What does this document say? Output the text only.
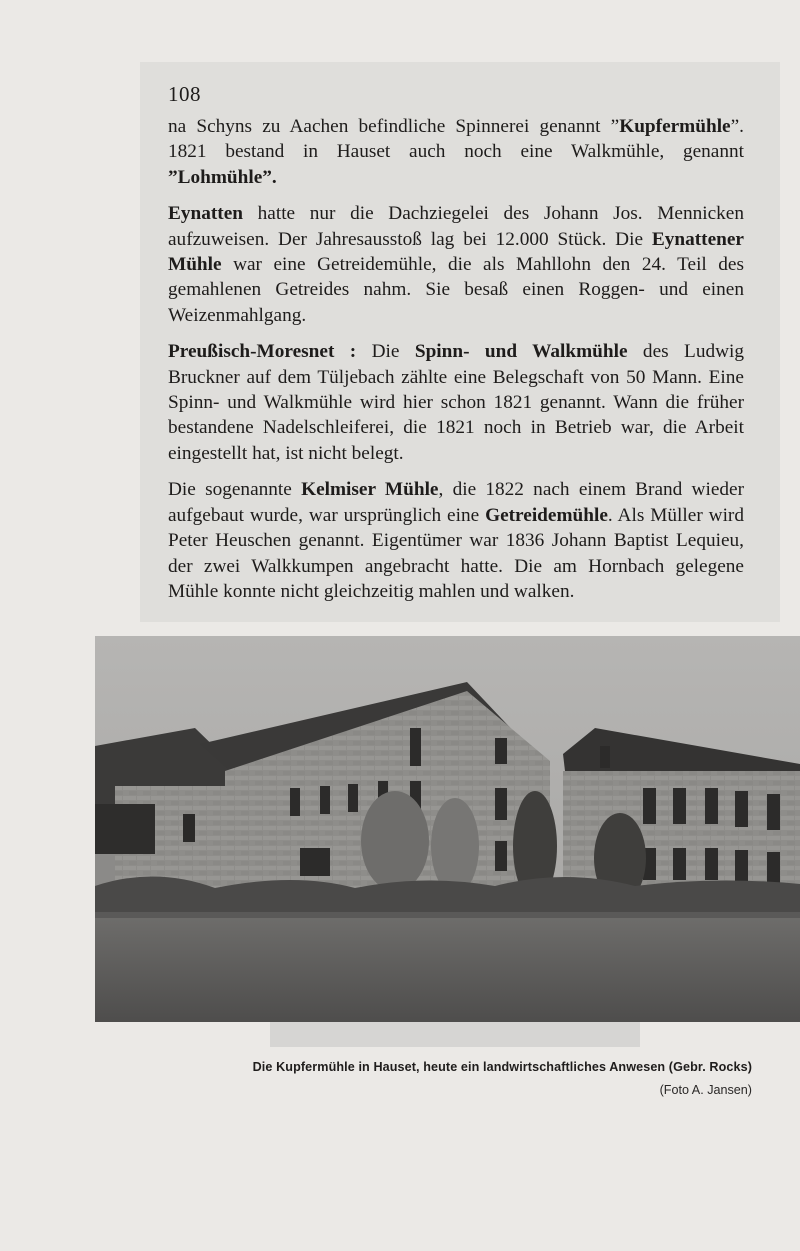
108

na Schyns zu Aachen befindliche Spinnerei genannt ”Kupfermühle”. 1821 bestand in Hauset auch noch eine Walkmühle, genannt ”Lohmühle”.

Eynatten hatte nur die Dachziegelei des Johann Jos. Mennicken aufzuweisen. Der Jahresausstoß lag bei 12.000 Stück. Die Eynattener Mühle war eine Getreidemühle, die als Mahllohn den 24. Teil des gemahlenen Getreides nahm. Sie besaß einen Roggen- und einen Weizenmahlgang.

Preußisch-Moresnet : Die Spinn- und Walkmühle des Ludwig Bruckner auf dem Tüljebach zählte eine Belegschaft von 50 Mann. Eine Spinn- und Walkmühle wird hier schon 1821 genannt. Wann die früher bestandene Nadelschleiferei, die 1821 noch in Betrieb war, die Arbeit eingestellt hat, ist nicht belegt.

Die sogenannte Kelmiser Mühle, die 1822 nach einem Brand wieder aufgebaut wurde, war ursprünglich eine Getreidemühle. Als Müller wird Peter Heuschen genannt. Eigentümer war 1836 Johann Baptist Lequieu, der zwei Walkkumpen angebracht hatte. Die am Hornbach gelegene Mühle konnte nicht gleichzeitig mahlen und walken.

Die Kupfermühle in Hauset, heute ein landwirtschaftliches Anwesen (Gebr. Rocks)
(Foto A. Jansen)
